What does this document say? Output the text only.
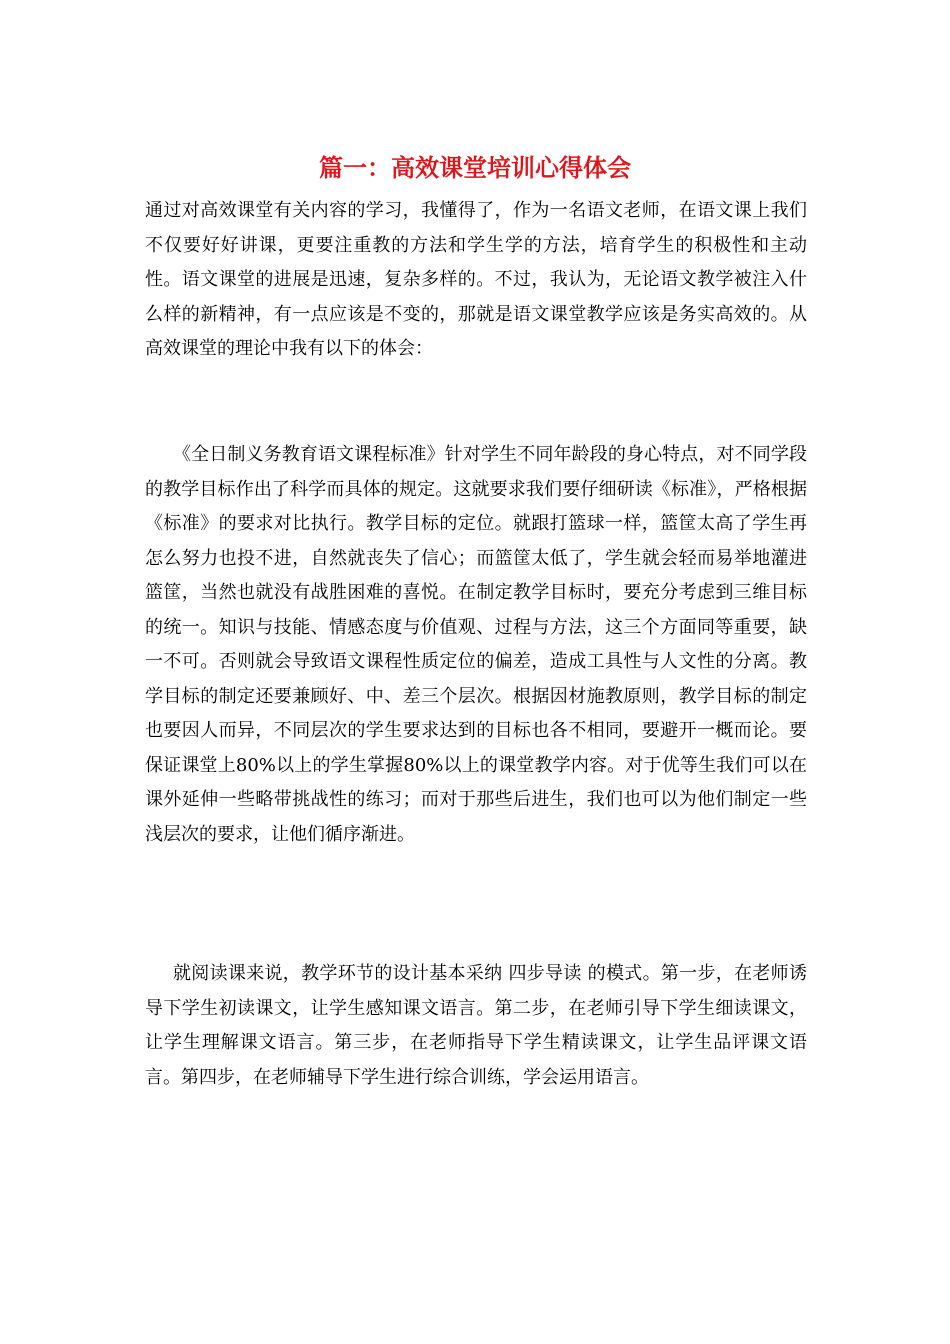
篇一：高效课堂培训心得体会

通过对高效课堂有关内容的学习，我懂得了，作为一名语文老师，在语文课上我们不仅要好好讲课，更要注重教的方法和学生学的方法，培育学生的积极性和主动性。语文课堂的进展是迅速，复杂多样的。不过，我认为，无论语文教学被注入什么样的新精神，有一点应该是不变的，那就是语文课堂教学应该是务实高效的。从高效课堂的理论中我有以下的体会：

《全日制义务教育语文课程标准》针对学生不同年龄段的身心特点，对不同学段的教学目标作出了科学而具体的规定。这就要求我们要仔细研读《标准》，严格根据《标准》的要求对比执行。教学目标的定位。就跟打篮球一样，篮筐太高了学生再怎么努力也投不进，自然就丧失了信心；而篮筐太低了，学生就会轻而易举地灌进篮筐，当然也就没有战胜困难的喜悦。在制定教学目标时，要充分考虑到三维目标的统一。知识与技能、情感态度与价值观、过程与方法，这三个方面同等重要，缺一不可。否则就会导致语文课程性质定位的偏差，造成工具性与人文性的分离。教学目标的制定还要兼顾好、中、差三个层次。根据因材施教原则，教学目标的制定也要因人而异，不同层次的学生要求达到的目标也各不相同，要避开一概而论。要保证课堂上80%以上的学生掌握80%以上的课堂教学内容。对于优等生我们可以在课外延伸一些略带挑战性的练习；而对于那些后进生，我们也可以为他们制定一些浅层次的要求，让他们循序渐进。

就阅读课来说，教学环节的设计基本采纳 四步导读 的模式。第一步，在老师诱导下学生初读课文，让学生感知课文语言。第二步，在老师引导下学生细读课文，让学生理解课文语言。第三步，在老师指导下学生精读课文，让学生品评课文语言。第四步，在老师辅导下学生进行综合训练，学会运用语言。
